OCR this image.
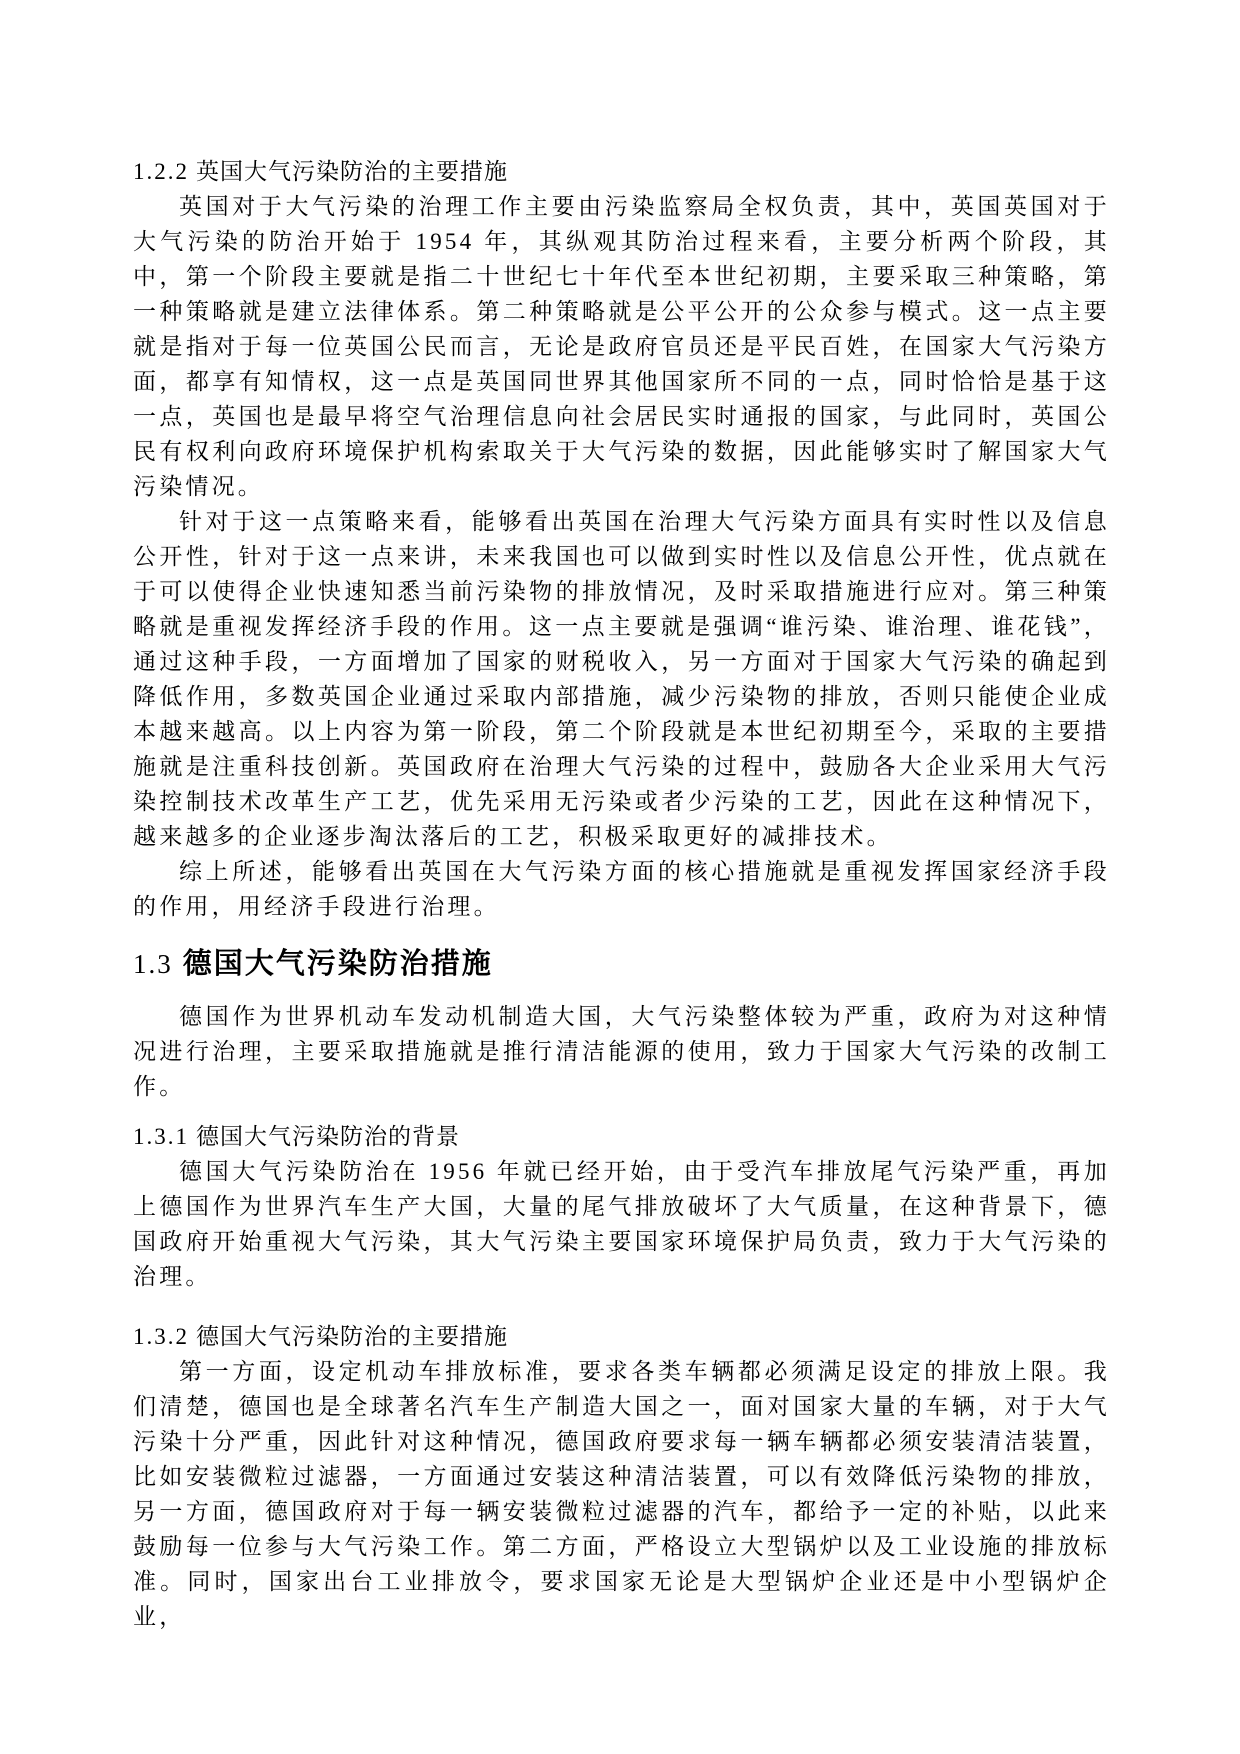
1.2.2 英国大气污染防治的主要措施

英国对于大气污染的治理工作主要由污染监察局全权负责，其中，英国英国对于大气污染的防治开始于 1954 年，其纵观其防治过程来看，主要分析两个阶段，其中，第一个阶段主要就是指二十世纪七十年代至本世纪初期，主要采取三种策略，第一种策略就是建立法律体系。第二种策略就是公平公开的公众参与模式。这一点主要就是指对于每一位英国公民而言，无论是政府官员还是平民百姓，在国家大气污染方面，都享有知情权，这一点是英国同世界其他国家所不同的一点，同时恰恰是基于这一点，英国也是最早将空气治理信息向社会居民实时通报的国家，与此同时，英国公民有权利向政府环境保护机构索取关于大气污染的数据，因此能够实时了解国家大气污染情况。

针对于这一点策略来看，能够看出英国在治理大气污染方面具有实时性以及信息公开性，针对于这一点来讲，未来我国也可以做到实时性以及信息公开性，优点就在于可以使得企业快速知悉当前污染物的排放情况，及时采取措施进行应对。第三种策略就是重视发挥经济手段的作用。这一点主要就是强调“谁污染、谁治理、谁花钱”，通过这种手段，一方面增加了国家的财税收入，另一方面对于国家大气污染的确起到降低作用，多数英国企业通过采取内部措施，减少污染物的排放，否则只能使企业成本越来越高。以上内容为第一阶段，第二个阶段就是本世纪初期至今，采取的主要措施就是注重科技创新。英国政府在治理大气污染的过程中，鼓励各大企业采用大气污染控制技术改革生产工艺，优先采用无污染或者少污染的工艺，因此在这种情况下，越来越多的企业逐步淘汰落后的工艺，积极采取更好的减排技术。

综上所述，能够看出英国在大气污染方面的核心措施就是重视发挥国家经济手段的作用，用经济手段进行治理。

1.3 德国大气污染防治措施

德国作为世界机动车发动机制造大国，大气污染整体较为严重，政府为对这种情况进行治理，主要采取措施就是推行清洁能源的使用，致力于国家大气污染的改制工作。

1.3.1 德国大气污染防治的背景

德国大气污染防治在 1956 年就已经开始，由于受汽车排放尾气污染严重，再加上德国作为世界汽车生产大国，大量的尾气排放破坏了大气质量，在这种背景下，德国政府开始重视大气污染，其大气污染主要国家环境保护局负责，致力于大气污染的治理。

1.3.2 德国大气污染防治的主要措施

第一方面，设定机动车排放标准，要求各类车辆都必须满足设定的排放上限。我们清楚，德国也是全球著名汽车生产制造大国之一，面对国家大量的车辆，对于大气污染十分严重，因此针对这种情况，德国政府要求每一辆车辆都必须安装清洁装置，比如安装微粒过滤器，一方面通过安装这种清洁装置，可以有效降低污染物的排放，另一方面，德国政府对于每一辆安装微粒过滤器的汽车，都给予一定的补贴，以此来鼓励每一位参与大气污染工作。第二方面，严格设立大型锅炉以及工业设施的排放标准。同时，国家出台工业排放令，要求国家无论是大型锅炉企业还是中小型锅炉企业，
